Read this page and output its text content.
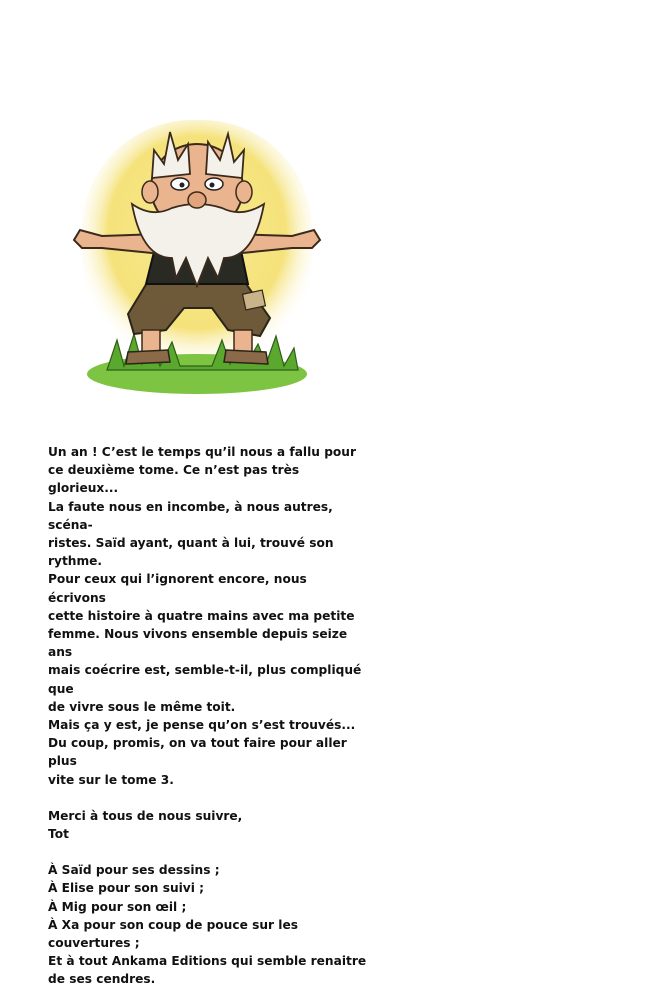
Un an ! C’est le temps qu’il nous a fallu pour
ce deuxième tome. Ce n’est pas très glorieux...
La faute nous en incombe, à nous autres, scéna-
ristes. Saïd ayant, quant à lui, trouvé son rythme.
Pour ceux qui l’ignorent encore, nous écrivons
cette histoire à quatre mains avec ma petite
femme. Nous vivons ensemble depuis seize ans
mais coécrire est, semble-t-il, plus compliqué que
de vivre sous le même toit.
Mais ça y est, je pense qu’on s’est trouvés...
Du coup, promis, on va tout faire pour aller plus
vite sur le tome 3.

Merci à tous de nous suivre,
Tot

À Saïd pour ses dessins ;
À Elise pour son suivi ;
À Mig pour son œil ;
À Xa pour son coup de pouce sur les couvertures ;
Et à tout Ankama Editions qui semble renaitre
de ses cendres.
